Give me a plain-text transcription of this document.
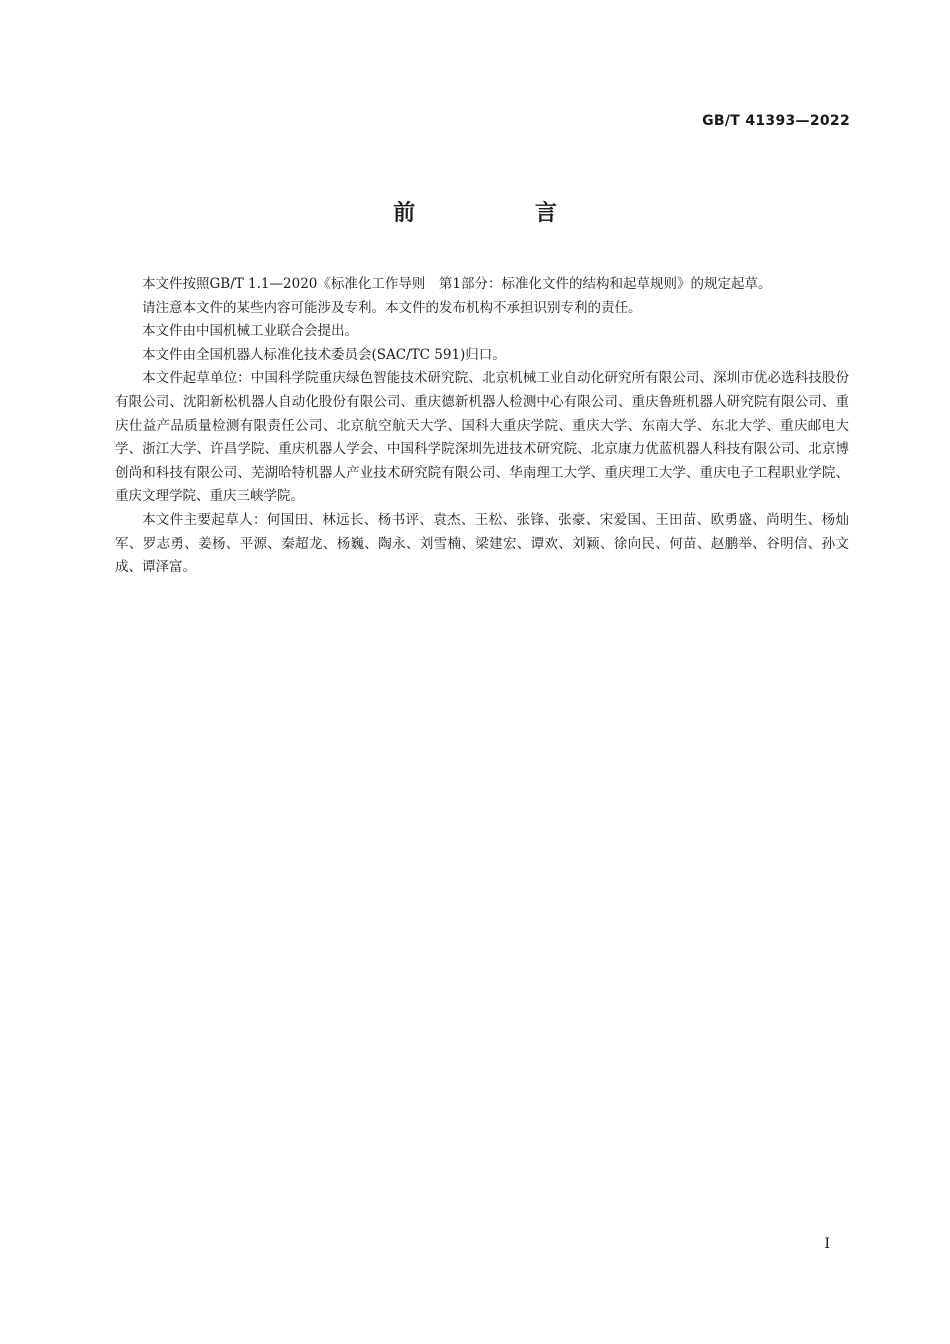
GB/T 41393—2022
前 言

本文件按照GB/T 1.1—2020《标准化工作导则　第1部分：标准化文件的结构和起草规则》的规定起草。

请注意本文件的某些内容可能涉及专利。本文件的发布机构不承担识别专利的责任。

本文件由中国机械工业联合会提出。

本文件由全国机器人标准化技术委员会(SAC/TC 591)归口。

本文件起草单位：中国科学院重庆绿色智能技术研究院、北京机械工业自动化研究所有限公司、深圳市优必选科技股份有限公司、沈阳新松机器人自动化股份有限公司、重庆德新机器人检测中心有限公司、重庆鲁班机器人研究院有限公司、重庆仕益产品质量检测有限责任公司、北京航空航天大学、国科大重庆学院、重庆大学、东南大学、东北大学、重庆邮电大学、浙江大学、许昌学院、重庆机器人学会、中国科学院深圳先进技术研究院、北京康力优蓝机器人科技有限公司、北京博创尚和科技有限公司、芜湖哈特机器人产业技术研究院有限公司、华南理工大学、重庆理工大学、重庆电子工程职业学院、重庆文理学院、重庆三峡学院。

本文件主要起草人：何国田、林远长、杨书评、袁杰、王松、张锋、张豪、宋爱国、王田苗、欧勇盛、尚明生、杨灿军、罗志勇、姜杨、平源、秦超龙、杨巍、陶永、刘雪楠、梁建宏、谭欢、刘颖、徐向民、何苗、赵鹏举、谷明信、孙文成、谭泽富。

I
